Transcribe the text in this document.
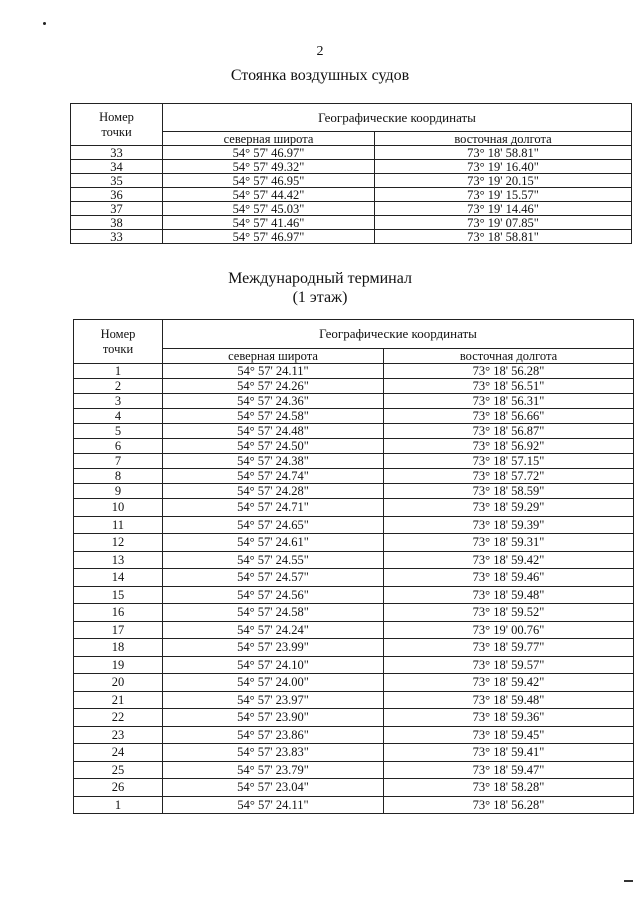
2
Стоянка воздушных судов
Номер
точки	Географические координаты	
	северная широта	восточная долгота
33	54° 57' 46.97"	73° 18' 58.81"
34	54° 57' 49.32"	73° 19' 16.40"
35	54° 57' 46.95"	73° 19' 20.15"
36	54° 57' 44.42"	73° 19' 15.57"
37	54° 57' 45.03"	73° 19' 14.46"
38	54° 57' 41.46"	73° 19' 07.85"
33	54° 57' 46.97"	73° 18' 58.81"
Международный терминал
(1 этаж)
Номер
точки	Географические координаты	
	северная широта	восточная долгота
1	54° 57' 24.11"	73° 18' 56.28"
2	54° 57' 24.26"	73° 18' 56.51"
3	54° 57' 24.36"	73° 18' 56.31"
4	54° 57' 24.58"	73° 18' 56.66"
5	54° 57' 24.48"	73° 18' 56.87"
6	54° 57' 24.50"	73° 18' 56.92"
7	54° 57' 24.38"	73° 18' 57.15"
8	54° 57' 24.74"	73° 18' 57.72"
9	54° 57' 24.28"	73° 18' 58.59"
10	54° 57' 24.71"	73° 18' 59.29"
11	54° 57' 24.65"	73° 18' 59.39"
12	54° 57' 24.61"	73° 18' 59.31"
13	54° 57' 24.55"	73° 18' 59.42"
14	54° 57' 24.57"	73° 18' 59.46"
15	54° 57' 24.56"	73° 18' 59.48"
16	54° 57' 24.58"	73° 18' 59.52"
17	54° 57' 24.24"	73° 19' 00.76"
18	54° 57' 23.99"	73° 18' 59.77"
19	54° 57' 24.10"	73° 18' 59.57"
20	54° 57' 24.00"	73° 18' 59.42"
21	54° 57' 23.97"	73° 18' 59.48"
22	54° 57' 23.90"	73° 18' 59.36"
23	54° 57' 23.86"	73° 18' 59.45"
24	54° 57' 23.83"	73° 18' 59.41"
25	54° 57' 23.79"	73° 18' 59.47"
26	54° 57' 23.04"	73° 18' 58.28"
1	54° 57' 24.11"	73° 18' 56.28"
